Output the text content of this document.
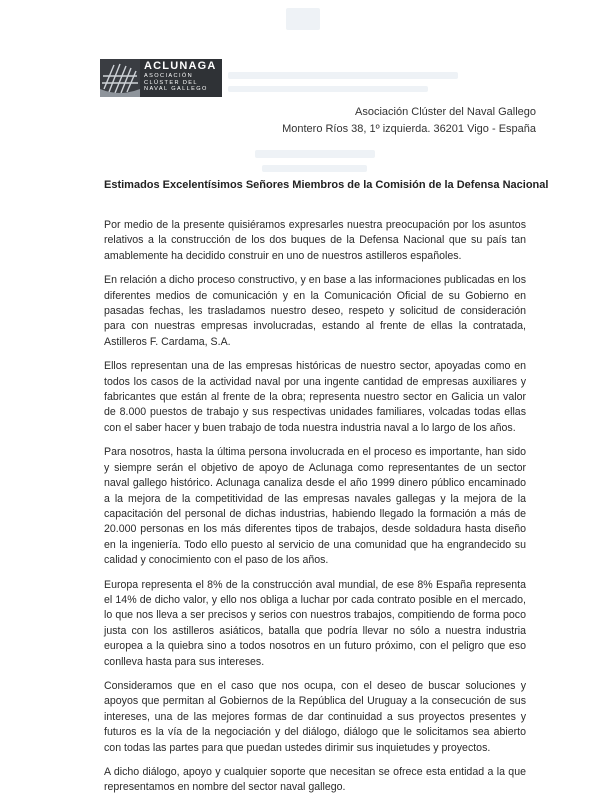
ACLUNAGA
ASOCIACIÓN
CLÚSTER DEL
NAVAL GALLEGO
Asociación Clúster del Naval Gallego
Montero Ríos 38, 1º izquierda. 36201 Vigo - España
Estimados Excelentísimos Señores Miembros de la Comisión de la Defensa Nacional

Por medio de la presente quisiéramos expresarles nuestra preocupación por los asuntos relativos a la construcción de los dos buques de la Defensa Nacional que su país tan amablemente ha decidido construir en uno de nuestros astilleros españoles.

En relación a dicho proceso constructivo, y en base a las informaciones publicadas en los diferentes medios de comunicación y en la Comunicación Oficial de su Gobierno en pasadas fechas, les trasladamos nuestro deseo, respeto y solicitud de consideración para con nuestras empresas involucradas, estando al frente de ellas la contratada, Astilleros F. Cardama, S.A.

Ellos representan una de las empresas históricas de nuestro sector, apoyadas como en todos los casos de la actividad naval por una ingente cantidad de empresas auxiliares y fabricantes que están al frente de la obra; representa nuestro sector en Galicia un valor de 8.000 puestos de trabajo y sus respectivas unidades familiares, volcadas todas ellas con el saber hacer y buen trabajo de toda nuestra industria naval a lo largo de los años.

Para nosotros, hasta la última persona involucrada en el proceso es importante, han sido y siempre serán el objetivo de apoyo de Aclunaga como representantes de un sector naval gallego histórico. Aclunaga canaliza desde el año 1999 dinero público encaminado a la mejora de la competitividad de las empresas navales gallegas y la mejora de la capacitación del personal de dichas industrias, habiendo llegado la formación a más de 20.000 personas en los más diferentes tipos de trabajos, desde soldadura hasta diseño en la ingeniería. Todo ello puesto al servicio de una comunidad que ha engrandecido su calidad y conocimiento con el paso de los años.

Europa representa el 8% de la construcción aval mundial, de ese 8% España representa el 14% de dicho valor, y ello nos obliga a luchar por cada contrato posible en el mercado, lo que nos lleva a ser precisos y serios con nuestros trabajos, compitiendo de forma poco justa con los astilleros asiáticos, batalla que podría llevar no sólo a nuestra industria europea a la quiebra sino a todos nosotros en un futuro próximo, con el peligro que eso conlleva hasta para sus intereses.

Consideramos que en el caso que nos ocupa, con el deseo de buscar soluciones y apoyos que permitan al Gobiernos de la República del Uruguay a la consecución de sus intereses, una de las mejores formas de dar continuidad a sus proyectos presentes y futuros es la vía de la negociación y del diálogo, diálogo que le solicitamos sea abierto con todas las partes para que puedan ustedes dirimir sus inquietudes y proyectos.

A dicho diálogo, apoyo y cualquier soporte que necesitan se ofrece esta entidad a la que representamos en nombre del sector naval gallego.
